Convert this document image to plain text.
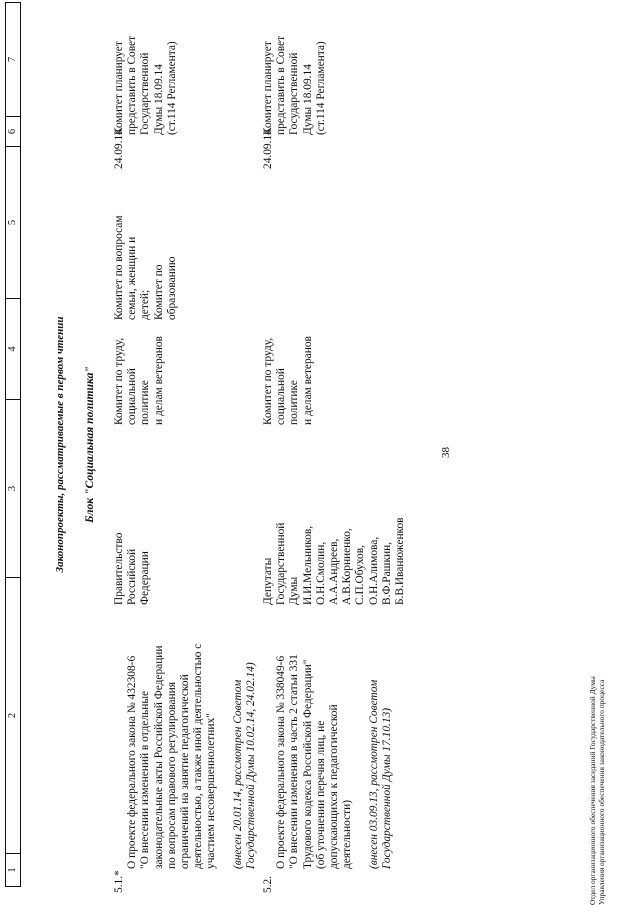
38
1
2
3
4
5
6
7
Законопроекты, рассматриваемые в первом чтении Блок "Социальная политика"
5.1.*

О проекте федерального закона № 432308-6
"О внесении изменений в отдельные
законодательные акты Российской Федерации
по вопросам правового регулирования
ограничений на занятие педагогической
деятельностью, а также иной деятельностью с
участием несовершеннолетних"

(внесен 20.01.14, рассмотрен Советом
Государственной Думы 10.02.14, 24.02.14)

Правительство
Российской
Федерации
Комитет по труду,
социальной политике
и делам ветеранов
Комитет по вопросам
семьи, женщин и
детей;
Комитет по
образованию
24.09.14
Комитет планирует
представить в Совет
Государственной
Думы 18.09.14
(ст.114 Регламента)
5.2.

О проекте федерального закона № 338049-6
"О внесении изменения в часть 2 статьи 331
Трудового кодекса Российской Федерации"
(об уточнении перечня лиц, не
допускающихся к педагогической
деятельности) (внесен 03.09.13, рассмотрен Советом
Государственной Думы 17.10.13)

Депутаты
Государственной
Думы
И.И.Мельников,
О.Н.Смолин,
А.А.Андреев,
А.В.Корниенко,
С.П.Обухов,
О.Н.Алимова,
В.Ф.Рашкин,
Б.В.Иванюженков
Комитет по труду,
социальной политике
и делам ветеранов
24.09.14
Комитет планирует
представить в Совет
Государственной
Думы 18.09.14
(ст.114 Регламента)
Отдел организационного обеспечения заседаний Государственной Думы Управления организационного обеспечения законодательного процесса
